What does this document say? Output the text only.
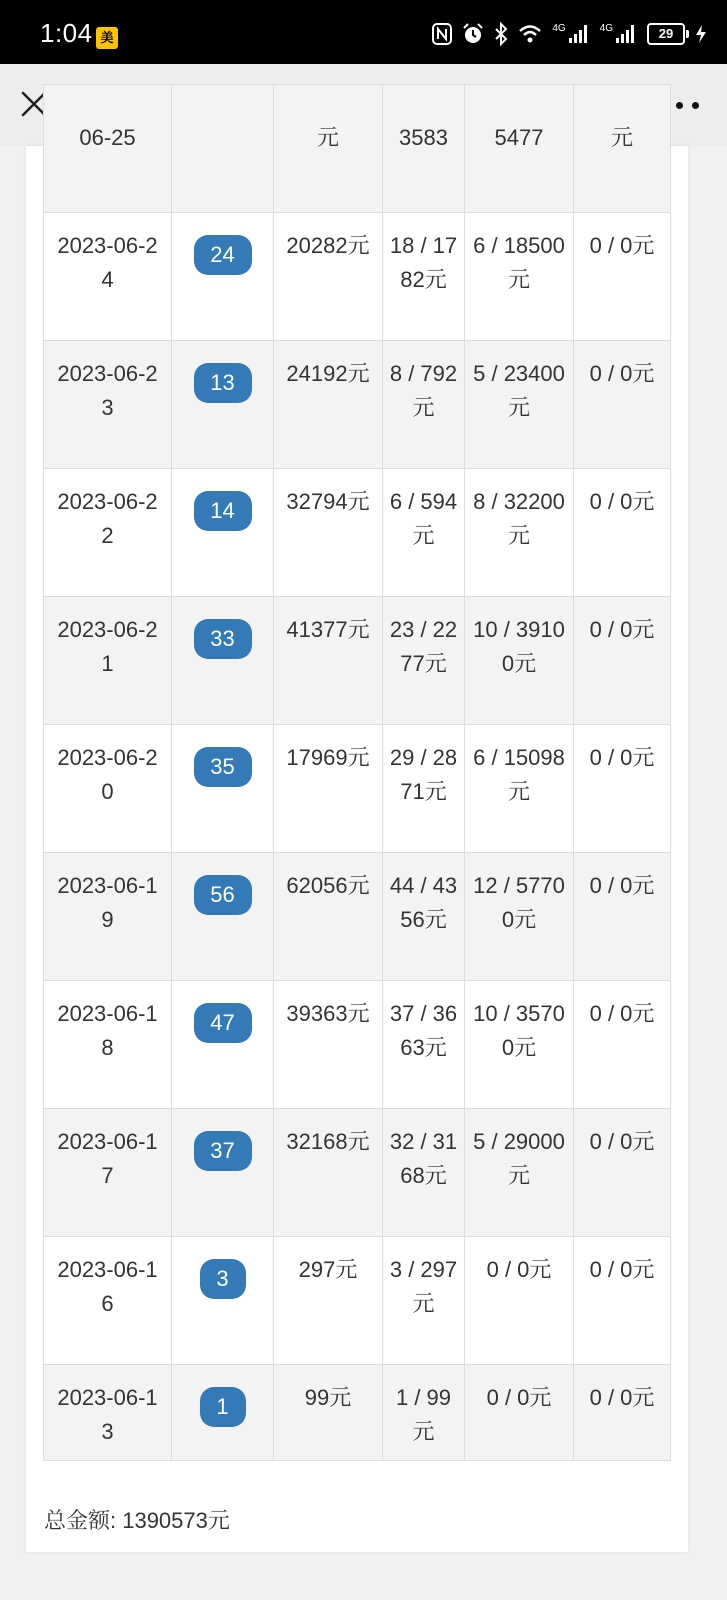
1:04 美
4G	4G	29
06-25		元	3583	5477	元
2023-06-24	24	20282元	18 / 1782元	6 / 18500元	0 / 0元
2023-06-23	13	24192元	8 / 792元	5 / 23400元	0 / 0元
2023-06-22	14	32794元	6 / 594元	8 / 32200元	0 / 0元
2023-06-21	33	41377元	23 / 2277元	10 / 39100元	0 / 0元
2023-06-20	35	17969元	29 / 2871元	6 / 15098元	0 / 0元
2023-06-19	56	62056元	44 / 4356元	12 / 57700元	0 / 0元
2023-06-18	47	39363元	37 / 3663元	10 / 35700元	0 / 0元
2023-06-17	37	32168元	32 / 3168元	5 / 29000元	0 / 0元
2023-06-16	3	297元	3 / 297元	0 / 0元	0 / 0元
2023-06-13	1	99元	1 / 99元	0 / 0元	0 / 0元
总金额: 1390573元
